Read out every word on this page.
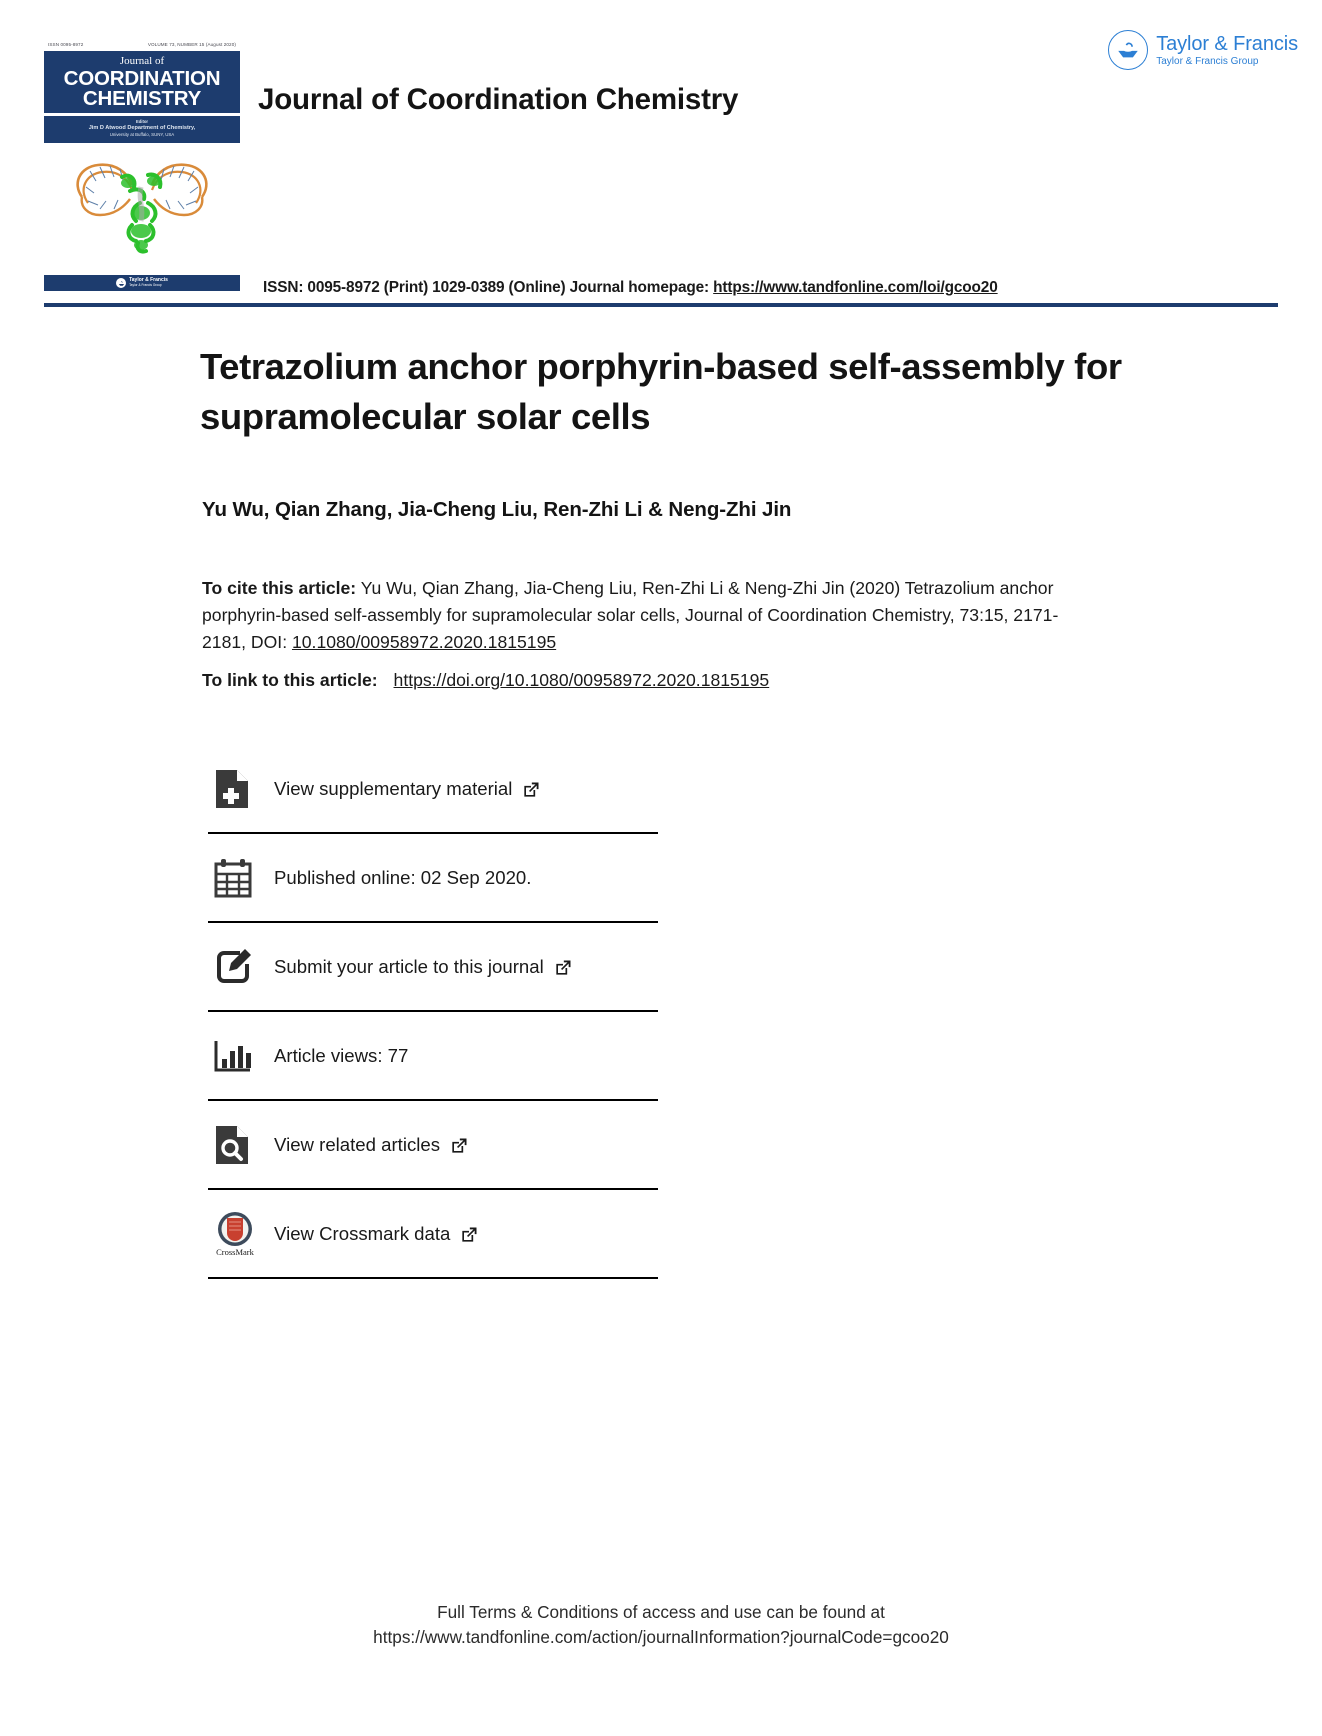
ISSN 0095-8972	VOLUME 73, NUMBER 15 (August 2020)
Journal of
COORDINATION
CHEMISTRY
Editor
Jim D Atwood Department of Chemistry,
University at Buffalo, SUNY, USA
Taylor & Francis
Taylor & Francis Group
Journal of Coordination Chemistry
Taylor & Francis
Taylor & Francis Group
ISSN: 0095-8972 (Print) 1029-0389 (Online) Journal homepage: https://www.tandfonline.com/loi/gcoo20
Tetrazolium anchor porphyrin-based self-assembly for supramolecular solar cells
Yu Wu, Qian Zhang, Jia-Cheng Liu, Ren-Zhi Li & Neng-Zhi Jin
To cite this article: Yu Wu, Qian Zhang, Jia-Cheng Liu, Ren-Zhi Li & Neng-Zhi Jin (2020) Tetrazolium anchor porphyrin-based self-assembly for supramolecular solar cells, Journal of Coordination Chemistry, 73:15, 2171-2181, DOI: 10.1080/00958972.2020.1815195
To link to this article: https://doi.org/10.1080/00958972.2020.1815195
View supplementary material
Published online: 02 Sep 2020.
Submit your article to this journal
Article views: 77
View related articles
CrossMark
View Crossmark data
Full Terms & Conditions of access and use can be found at
https://www.tandfonline.com/action/journalInformation?journalCode=gcoo20
